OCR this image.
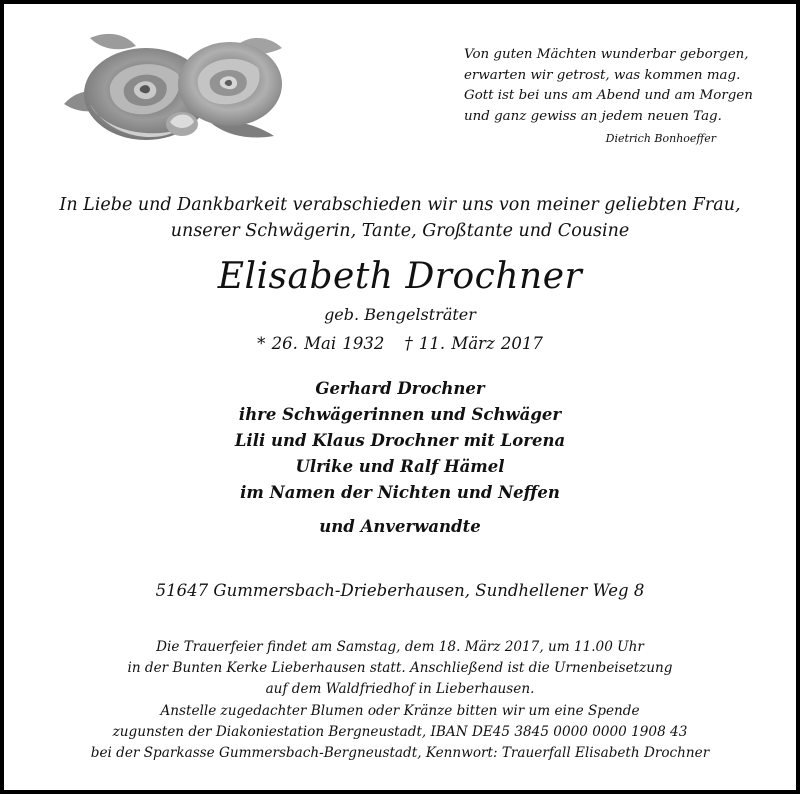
Von guten Mächten wunderbar geborgen,
erwarten wir getrost, was kommen mag.
Gott ist bei uns am Abend und am Morgen
und ganz gewiss an jedem neuen Tag.
Dietrich Bonhoeffer
In Liebe und Dankbarkeit verabschieden wir uns von meiner geliebten Frau,
unserer Schwägerin, Tante, Großtante und Cousine
Elisabeth Drochner
geb. Bengelsträter
* 26. Mai 1932 † 11. März 2017
Gerhard Drochner
ihre Schwägerinnen und Schwäger
Lili und Klaus Drochner mit Lorena
Ulrike und Ralf Hämel
im Namen der Nichten und Neffen
und Anverwandte
51647 Gummersbach-Drieberhausen, Sundhellener Weg 8
Die Trauerfeier findet am Samstag, dem 18. März 2017, um 11.00 Uhr
in der Bunten Kerke Lieberhausen statt. Anschließend ist die Urnenbeisetzung
auf dem Waldfriedhof in Lieberhausen.
Anstelle zugedachter Blumen oder Kränze bitten wir um eine Spende
zugunsten der Diakoniestation Bergneustadt, IBAN DE45 3845 0000 0000 1908 43
bei der Sparkasse Gummersbach-Bergneustadt, Kennwort: Trauerfall Elisabeth Drochner
